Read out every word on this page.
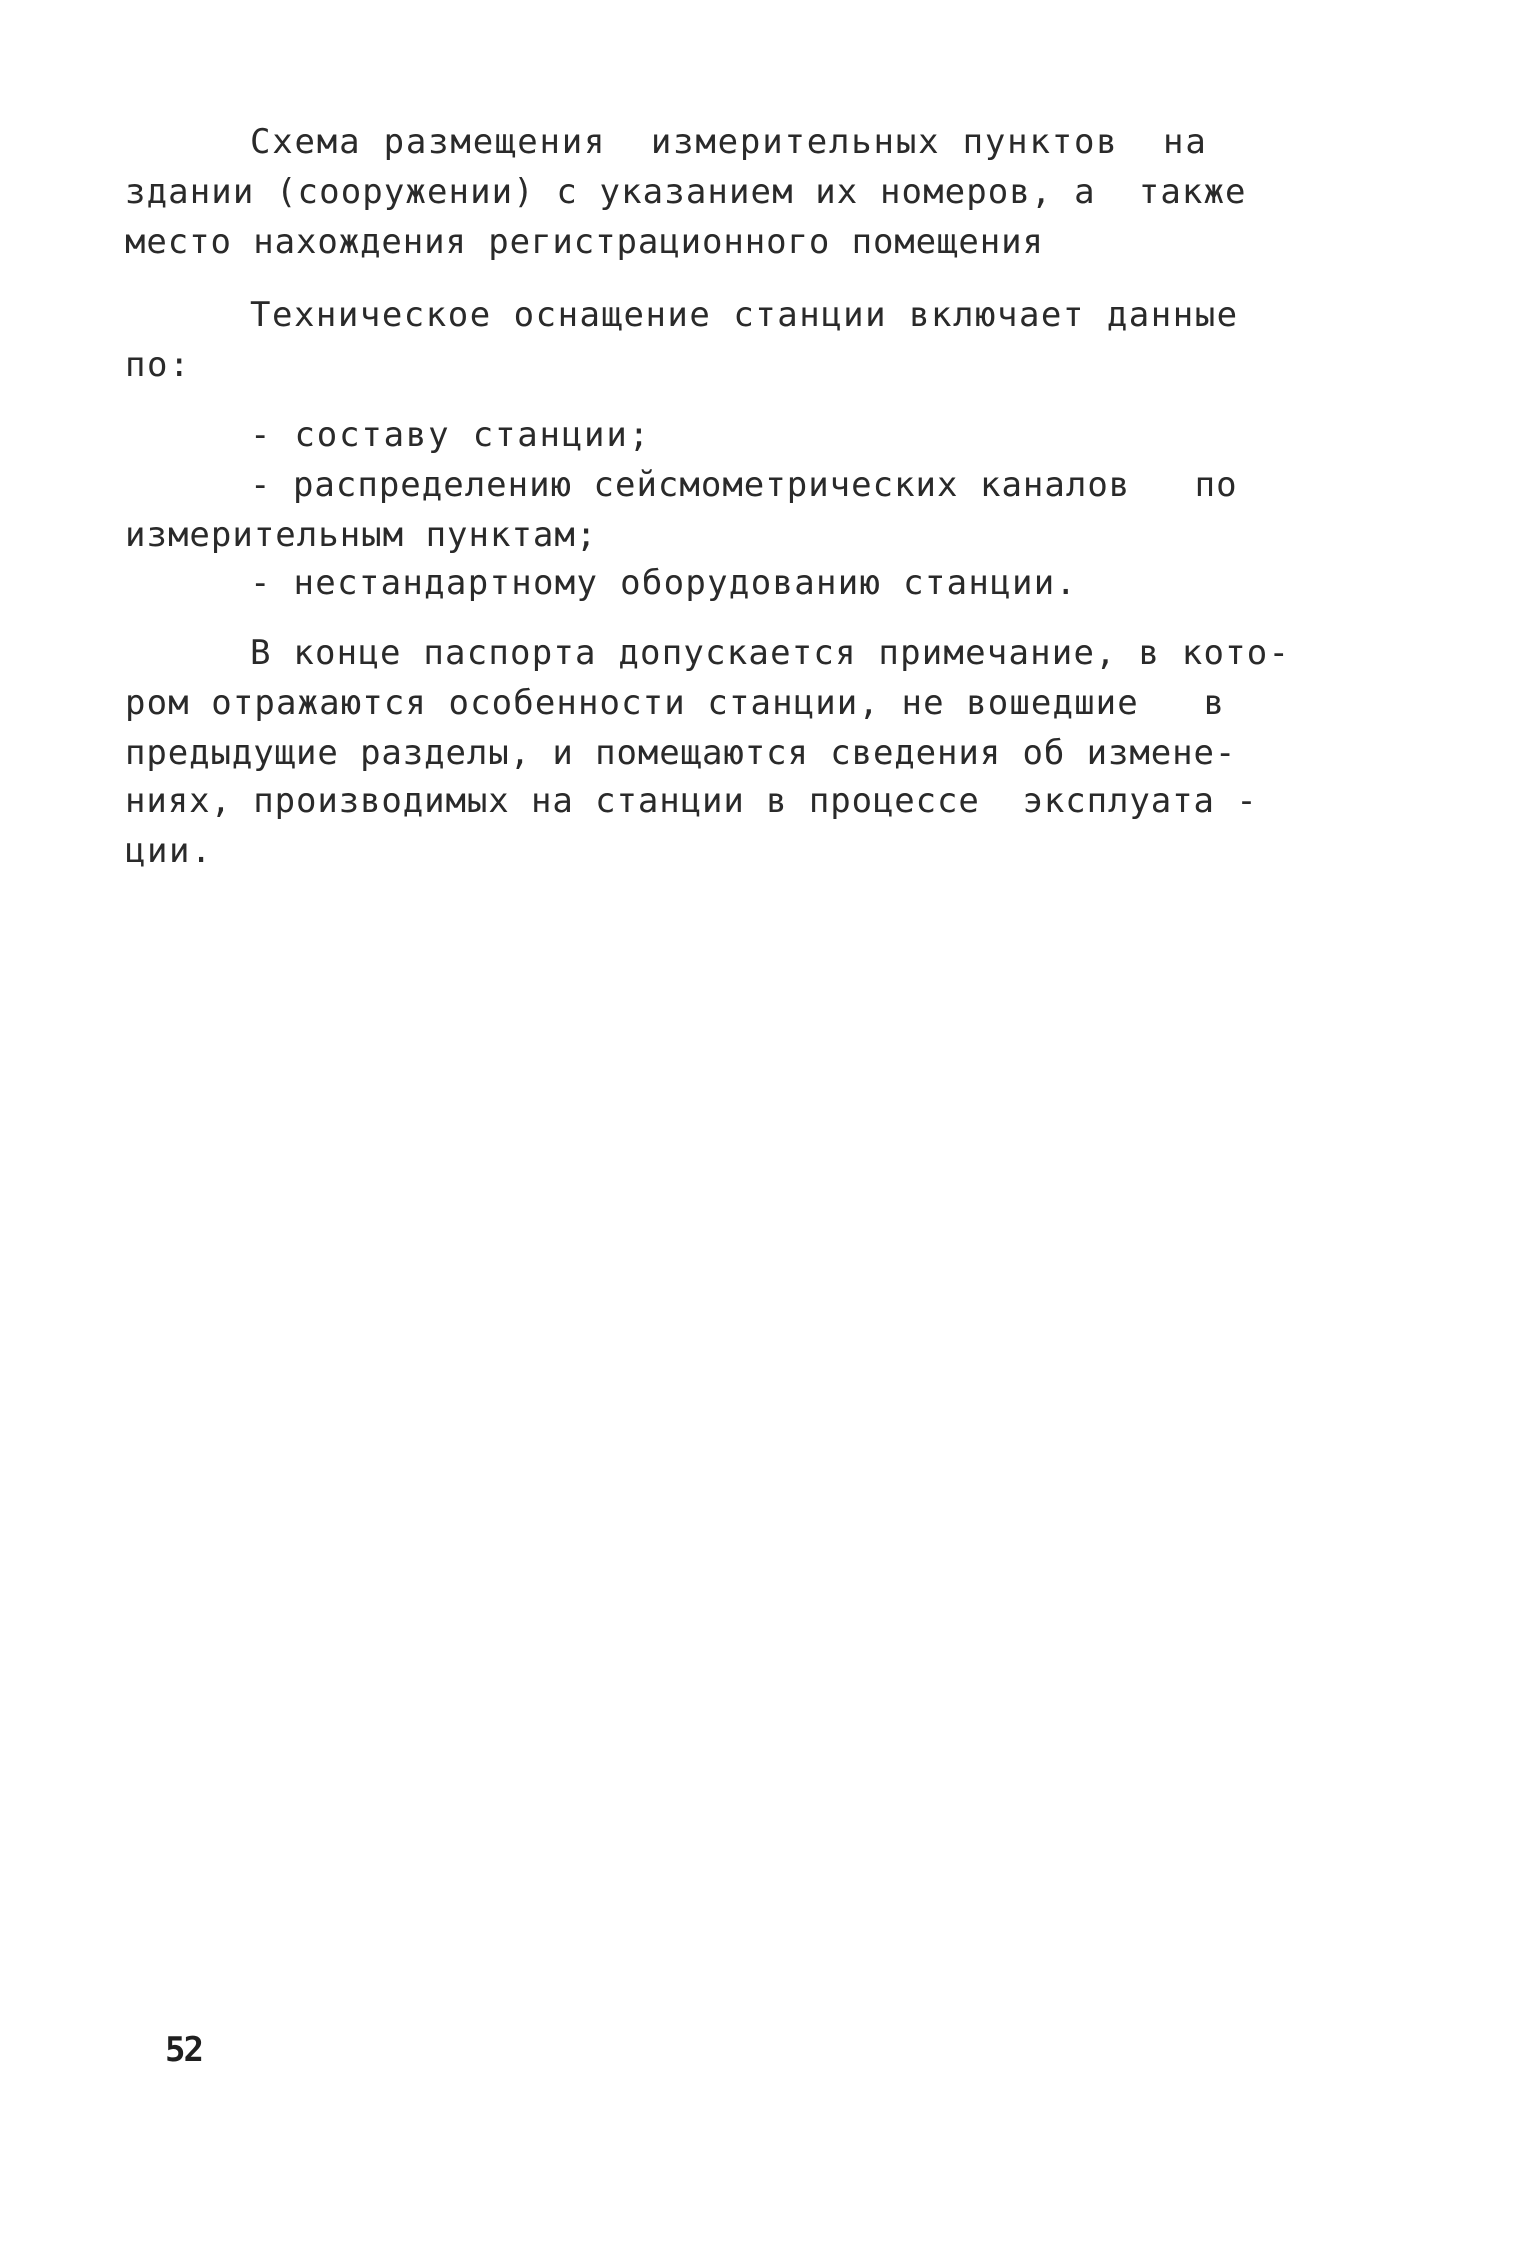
Схема размещения  измерительных пунктов  на
здании (сооружении) с указанием их номеров, а  также
место нахождения регистрационного помещения
Техническое оснащение станции включает данные
по:
- составу станции;
- распределению сейсмометрических каналов   по
измерительным пунктам;
- нестандартному оборудованию станции.
В конце паспорта допускается примечание, в кото-
ром отражаются особенности станции, не вошедшие   в
предыдущие разделы, и помещаются сведения об измене-
ниях, производимых на станции в процессе  эксплуата -
ции.
52
